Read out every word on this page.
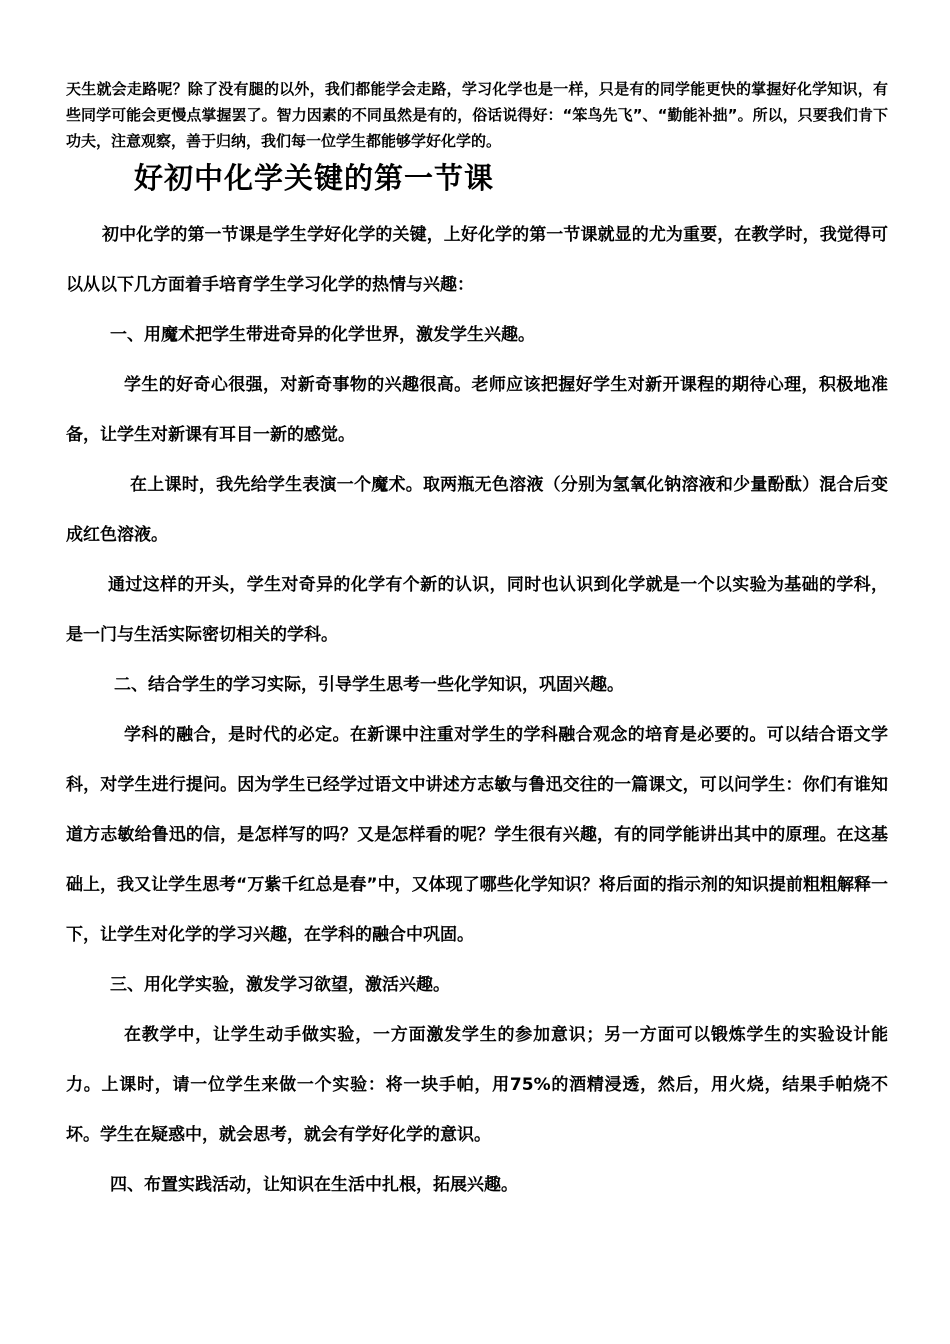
天生就会走路呢？除了没有腿的以外，我们都能学会走路，学习化学也是一样，只是有的同学能更快的掌握好化学知识，有些同学可能会更慢点掌握罢了。智力因素的不同虽然是有的，俗话说得好：“笨鸟先飞”、“勤能补拙”。所以，只要我们肯下功夫，注意观察，善于归纳，我们每一位学生都能够学好化学的。
好初中化学关键的第一节课

初中化学的第一节课是学生学好化学的关键，上好化学的第一节课就显的尤为重要，在教学时，我觉得可以从以下几方面着手培育学生学习化学的热情与兴趣：

一、用魔术把学生带进奇异的化学世界，激发学生兴趣。

学生的好奇心很强，对新奇事物的兴趣很高。老师应该把握好学生对新开课程的期待心理，积极地准备，让学生对新课有耳目一新的感觉。

在上课时，我先给学生表演一个魔术。取两瓶无色溶液（分别为氢氧化钠溶液和少量酚酞）混合后变成红色溶液。

通过这样的开头，学生对奇异的化学有个新的认识，同时也认识到化学就是一个以实验为基础的学科，是一门与生活实际密切相关的学科。

二、结合学生的学习实际，引导学生思考一些化学知识，巩固兴趣。

学科的融合，是时代的必定。在新课中注重对学生的学科融合观念的培育是必要的。可以结合语文学科，对学生进行提问。因为学生已经学过语文中讲述方志敏与鲁迅交往的一篇课文，可以问学生：你们有谁知道方志敏给鲁迅的信，是怎样写的吗？又是怎样看的呢？学生很有兴趣，有的同学能讲出其中的原理。在这基础上，我又让学生思考“万紫千红总是春”中，又体现了哪些化学知识？将后面的指示剂的知识提前粗粗解释一下，让学生对化学的学习兴趣，在学科的融合中巩固。

三、用化学实验，激发学习欲望，激活兴趣。

在教学中，让学生动手做实验，一方面激发学生的参加意识；另一方面可以锻炼学生的实验设计能力。上课时，请一位学生来做一个实验：将一块手帕，用75%的酒精浸透，然后，用火烧，结果手帕烧不坏。学生在疑惑中，就会思考，就会有学好化学的意识。

四、布置实践活动，让知识在生活中扎根，拓展兴趣。
